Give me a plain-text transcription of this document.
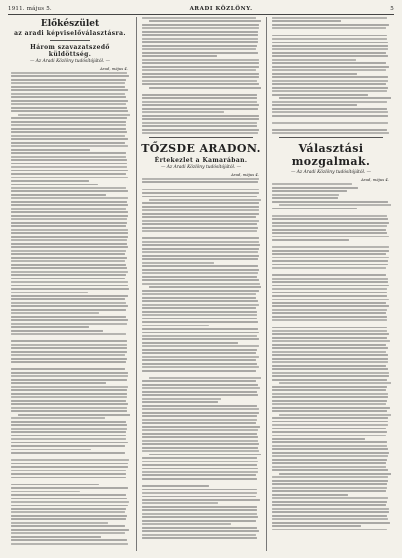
1911. május 5.	ARADI KÖZLÖNY.	5
Előkészület
az aradi képviselőválasztásra.
Három szavazatszedő küldöttség.
— Az Aradi Közlöny tudósítójától. —
Arad, május 4.
TŐZSDE ARADON.
Értekezlet a Kamarában.
— Az Aradi Közlöny tudósítójától. —
Arad, május 4.
Választási mozgalmak.
— Az Aradi Közlöny tudósítójától. —
Arad, május 4.
